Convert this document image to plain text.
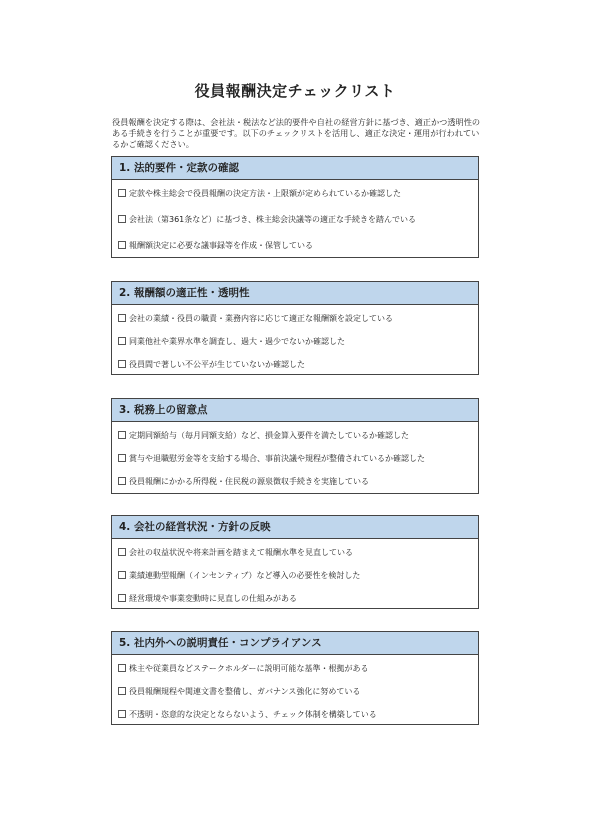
役員報酬決定チェックリスト
役員報酬を決定する際は、会社法・税法など法的要件や自社の経営方針に基づき、適正かつ透明性のある手続きを行うことが重要です。以下のチェックリストを活用し、適正な決定・運用が行われているかご確認ください。
1. 法的要件・定款の確認
定款や株主総会で役員報酬の決定方法・上限額が定められているか確認した
会社法（第361条など）に基づき、株主総会決議等の適正な手続きを踏んでいる
報酬額決定に必要な議事録等を作成・保管している
2. 報酬額の適正性・透明性
会社の業績・役員の職責・業務内容に応じて適正な報酬額を設定している
同業他社や業界水準を調査し、過大・過少でないか確認した
役員間で著しい不公平が生じていないか確認した
3. 税務上の留意点
定期同額給与（毎月同額支給）など、損金算入要件を満たしているか確認した
賞与や退職慰労金等を支給する場合、事前決議や規程が整備されているか確認した
役員報酬にかかる所得税・住民税の源泉徴収手続きを実施している
4. 会社の経営状況・方針の反映
会社の収益状況や将来計画を踏まえて報酬水準を見直している
業績連動型報酬（インセンティブ）など導入の必要性を検討した
経営環境や事業変動時に見直しの仕組みがある
5. 社内外への説明責任・コンプライアンス
株主や従業員などステークホルダーに説明可能な基準・根拠がある
役員報酬規程や関連文書を整備し、ガバナンス強化に努めている
不透明・恣意的な決定とならないよう、チェック体制を構築している
